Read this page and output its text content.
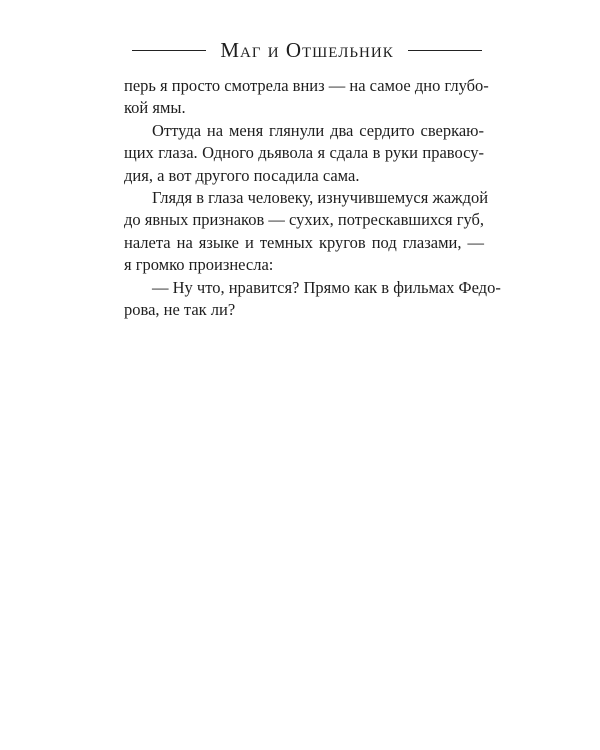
Маг и Отшельник
перь я просто смотрела вниз — на самое дно глубо-
кой ямы.
Оттуда на меня глянули два сердито сверкаю-
щих глаза. Одного дьявола я сдала в руки правосу-
дия, а вот другого посадила сама.
Глядя в глаза человеку, изнучившемуся жаждой
до явных признаков — сухих, потрескавшихся губ,
налета на языке и темных кругов под глазами, —
я громко произнесла:
— Ну что, нравится? Прямо как в фильмах Федо-
рова, не так ли?
